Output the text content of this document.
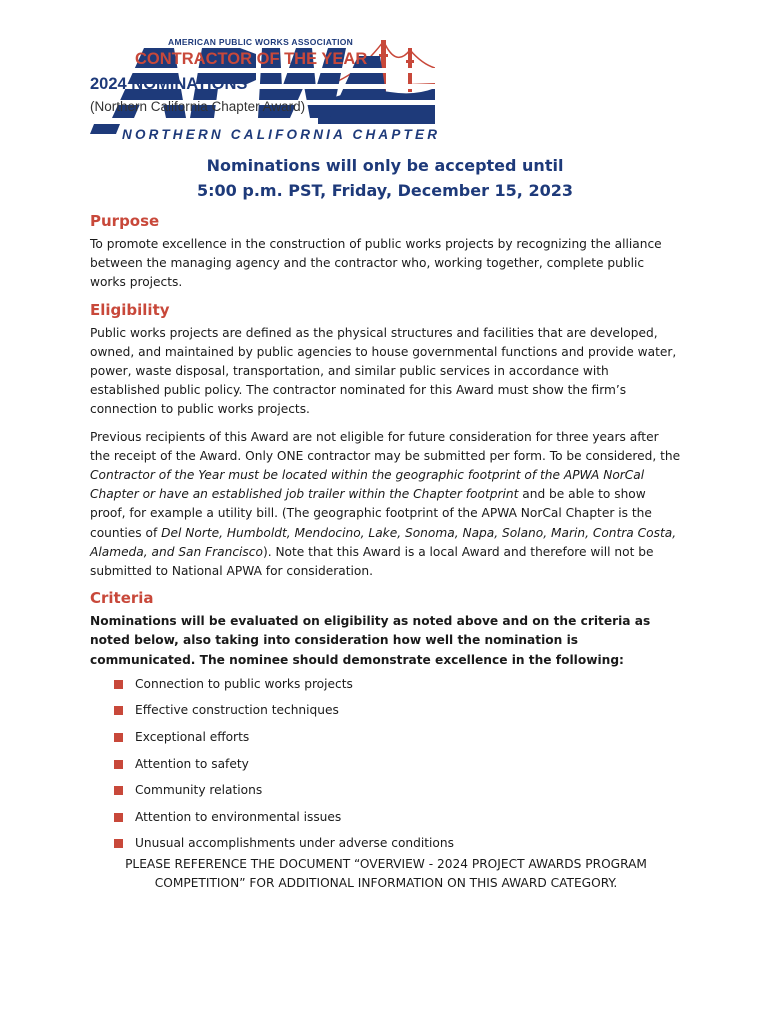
AMERICAN PUBLIC WORKS ASSOCIATION
NORTHERN CALIFORNIA CHAPTER
CONTRACTOR OF THE YEAR
2024 NOMINATIONS
(Northern California Chapter Award)
Nominations will only be accepted until
5:00 p.m. PST, Friday, December 15, 2023
Purpose

To promote excellence in the construction of public works projects by recognizing the alliance between the managing agency and the contractor who, working together, complete public works projects.

Eligibility

Public works projects are defined as the physical structures and facilities that are developed, owned, and maintained by public agencies to house governmental functions and provide water, power, waste disposal, transportation, and similar public services in accordance with established public policy. The contractor nominated for this Award must show the firm’s connection to public works projects.

Previous recipients of this Award are not eligible for future consideration for three years after the receipt of the Award. Only ONE contractor may be submitted per form. To be considered, the Contractor of the Year must be located within the geographic footprint of the APWA NorCal Chapter or have an established job trailer within the Chapter footprint and be able to show proof, for example a utility bill. (The geographic footprint of the APWA NorCal Chapter is the counties of Del Norte, Humboldt, Mendocino, Lake, Sonoma, Napa, Solano, Marin, Contra Costa, Alameda, and San Francisco). Note that this Award is a local Award and therefore will not be submitted to National APWA for consideration.

Criteria

Nominations will be evaluated on eligibility as noted above and on the criteria as noted below, also taking into consideration how well the nomination is communicated. The nominee should demonstrate excellence in the following:

Connection to public works projects
Effective construction techniques
Exceptional efforts
Attention to safety
Community relations
Attention to environmental issues
Unusual accomplishments under adverse conditions
PLEASE REFERENCE THE DOCUMENT “OVERVIEW - 2024 PROJECT AWARDS PROGRAM COMPETITION” FOR ADDITIONAL INFORMATION ON THIS AWARD CATEGORY.
